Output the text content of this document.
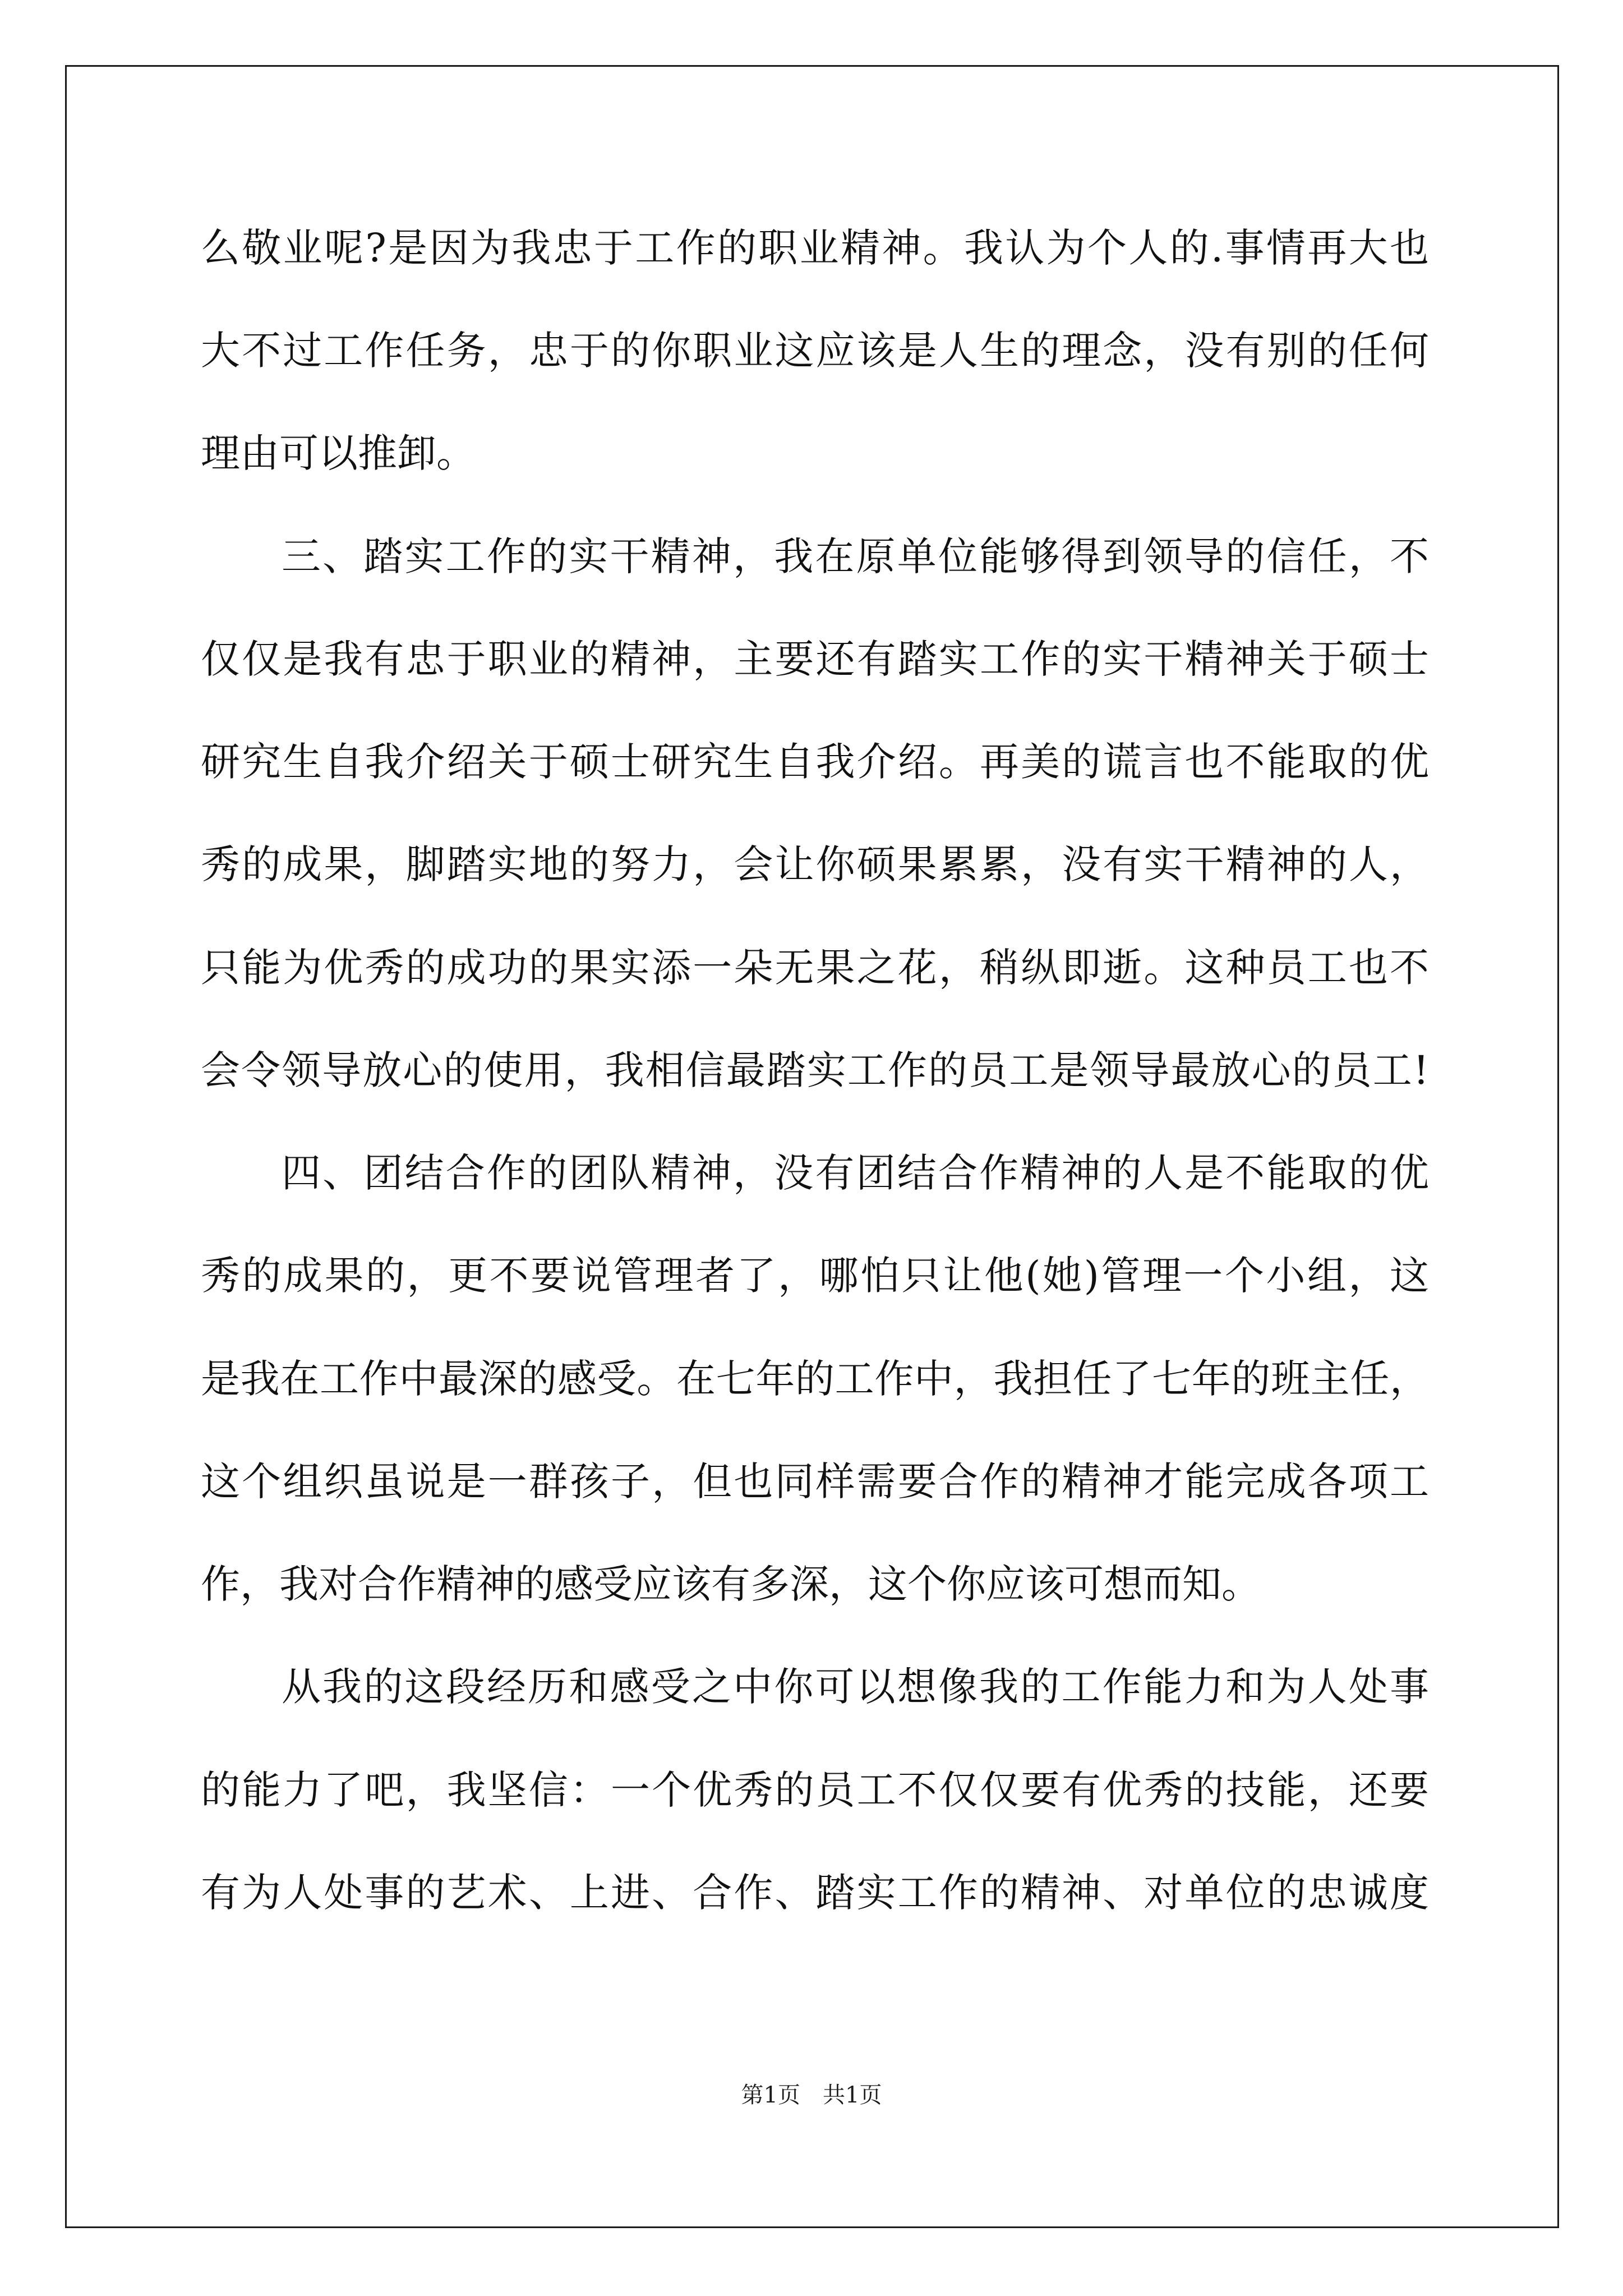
么敬业呢?是因为我忠于工作的职业精神。我认为个人的.事情再大也
大不过工作任务，忠于的你职业这应该是人生的理念，没有别的任何
理由可以推卸。
三、踏实工作的实干精神，我在原单位能够得到领导的信任，不
仅仅是我有忠于职业的精神，主要还有踏实工作的实干精神关于硕士
研究生自我介绍关于硕士研究生自我介绍。再美的谎言也不能取的优
秀的成果，脚踏实地的努力，会让你硕果累累，没有实干精神的人，
只能为优秀的成功的果实添一朵无果之花，稍纵即逝。这种员工也不
会令领导放心的使用，我相信最踏实工作的员工是领导最放心的员工!
四、团结合作的团队精神，没有团结合作精神的人是不能取的优
秀的成果的，更不要说管理者了，哪怕只让他(她)管理一个小组，这
是我在工作中最深的感受。在七年的工作中，我担任了七年的班主任，
这个组织虽说是一群孩子，但也同样需要合作的精神才能完成各项工
作，我对合作精神的感受应该有多深，这个你应该可想而知。
从我的这段经历和感受之中你可以想像我的工作能力和为人处事
的能力了吧，我坚信：一个优秀的员工不仅仅要有优秀的技能，还要
有为人处事的艺术、上进、合作、踏实工作的精神、对单位的忠诚度
第1页　共1页
